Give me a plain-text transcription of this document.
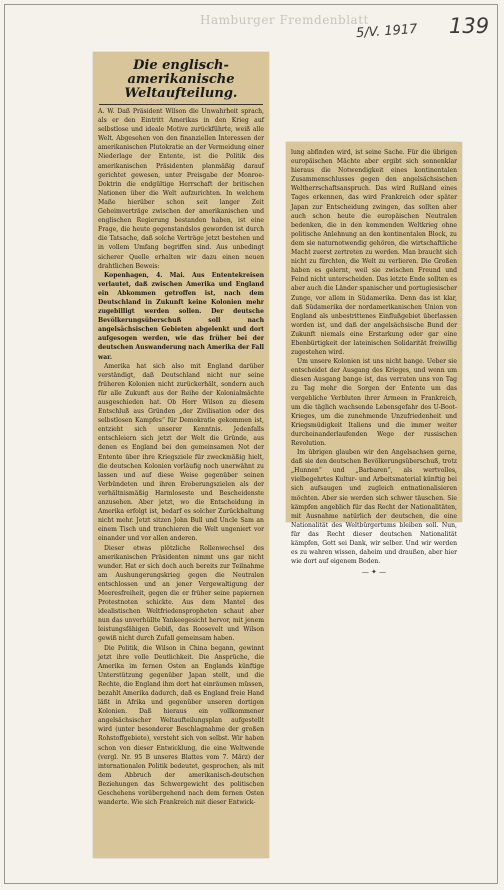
Hamburger Fremdenblatt
5/V. 1917 139
Die englisch-amerikanische Weltaufteilung.

A. W. Daß Präsident Wilson die Unwahrheit sprach, als er den Eintritt Amerikas in den Krieg auf selbstlose und ideale Motive zurückführte, weiß alle Welt. Abgesehen von den finanziellen Interessen der amerikanischen Plutokratie an der Vermeidung einer Niederlage der Entente, ist die Politik des amerikanischen Präsidenten planmäßig darauf gerichtet gewesen, unter Preisgabe der Monroe-Doktrin die endgültige Herrschaft der britischen Nationen über die Welt aufzurichten. In welchem Maße hierüber schon seit langer Zeit Geheimverträge zwischen der amerikanischen und englischen Regierung bestanden haben, ist eine Frage, die heute gegenstandslos geworden ist durch die Tatsache, daß solche Verträge jetzt bestehen und in vollem Umfang begriffen sind. Aus unbedingt sicherer Quelle erhalten wir dazu einen neuen drahtlichen Beweis:

Kopenhagen, 4. Mai. Aus Ententekreisen verlautet, daß zwischen Amerika und England ein Abkommen getroffen ist, nach dem Deutschland in Zukunft keine Kolonien mehr zugebilligt werden sollen. Der deutsche Bevölkerungsüberschuß soll nach angelsächsischen Gebieten abgelenkt und dort aufgesogen werden, wie das früher bei der deutschen Auswanderung nach Amerika der Fall war.

Amerika hat sich also mit England darüber verständigt, daß Deutschland nicht nur seine früheren Kolonien nicht zurückerhält, sondern auch für alle Zukunft aus der Reihe der Kolonialmächte ausgeschieden hat. Ob Herr Wilson zu diesem Entschluß aus Gründen „der Zivilisation oder des selbstlosen Kampfes“ für Demokratie gekommen ist, entzieht sich unserer Kenntnis. Jedenfalls entschleiern sich jetzt der Welt die Gründe, aus denen es England bei den gemeinsamen Not der Entente über ihre Kriegsziele für zweckmäßig hielt, die deutschen Kolonien vorläufig noch unerwähnt zu lassen und auf diese Weise gegenüber seinen Verbündeten und ihren Eroberungszielen als der verhältnismäßig Harmloseste und Bescheidenste anzusehen. Aber jetzt, wo die Entscheidung in Amerika erfolgt ist, bedarf es solcher Zurückhaltung nicht mehr. Jetzt sitzen John Bull und Uncle Sam an einem Tisch und tranchieren die Welt ungeniert vor einander und vor allen anderen.

Dieser etwas plötzliche Rollenwechsel des amerikanischen Präsidenten nimmt uns gar nicht wunder. Hat er sich doch auch bereits zur Teilnahme am Aushungerungskrieg gegen die Neutralen entschlossen und an jener Vergewaltigung der Meeresfreiheit, gegen die er früher seine papiernen Protestnoten schickte. Aus dem Mantel des idealistischen Weltfriedenspropheten schaut aber nun das unverhüllte Yankeegesicht hervor, mit jenem leistungsfähigen Gebiß, das Roosevelt und Wilson gewiß nicht durch Zufall gemeinsam haben.

Die Politik, die Wilson in China begann, gewinnt jetzt ihre volle Deutlichkeit. Die Ansprüche, die Amerika im fernen Osten an Englands künftige Unterstützung gegenüber Japan stellt, und die Rechte, die England ihm dort hat einräumen müssen, bezahlt Amerika dadurch, daß es England freie Hand läßt in Afrika und gegenüber unseren dortigen Kolonien. Daß hieraus ein vollkommener angelsächsischer Weltaufteilungsplan aufgestellt wird (unter besonderer Beschlagnahme der großen Rohstoffgebiete), versteht sich von selbst. Wir haben schon von dieser Entwicklung, die eine Weltwende (vergl. Nr. 95 B unseres Blattes vom 7. März) der internationalen Politik bedeutet, gesprochen, als mit dem Abbruch der amerikanisch-deutschen Beziehungen das Schwergewicht des politischen Geschehens vorübergehend nach dem fernen Osten wanderte. Wie sich Frankreich mit dieser Entwick-

lung abfinden wird, ist seine Sache. Für die übrigen europäischen Mächte aber ergibt sich sonnenklar hieraus die Notwendigkeit eines kontinentalen Zusammenschlusses gegen den angelsächsischen Weltherrschaftsanspruch. Das wird Rußland eines Tages erkennen, das wird Frankreich oder später Japan zur Entscheidung zwingen, das sollten aber auch schon heute die europäischen Neutralen bedenken, die in den kommenden Weltkrieg ohne politische Anlehnung an den kontinentalen Block, zu dem sie naturnotwendig gehören, die wirtschaftliche Macht zuerst zertreten zu werden. Man braucht sich nicht zu fürchten, die Welt zu verlieren. Die Großen haben es gelernt, weil sie zwischen Freund und Feind nicht unterscheiden. Das letzte Ende sollten es aber auch die Länder spanischer und portugiesischer Zunge, vor allem in Südamerika. Denn das ist klar, daß Südamerika der nordamerikanischen Union von England als unbestrittenes Einflußgebiet überlassen worden ist, und daß der angelsächsische Bund der Zukunft niemals eine Erstarkung oder gar eine Ebenbürtigkeit der lateinischen Solidarität freiwillig zugestehen wird.

Um unsere Kolonien ist uns nicht bange. Ueber sie entscheidet der Ausgang des Krieges, und wenn um diesen Ausgang bange ist, das verraten uns von Tag zu Tag mehr die Sorgen der Entente um das vergebliche Verbluten ihrer Armeen in Frankreich, um die täglich wachsende Lebensgefahr des U-Boot-Krieges, um die zunehmende Unzufriedenheit und Kriegsmüdigkeit Italiens und die immer weiter durcheinanderlaufenden Wege der russischen Revolution.

Im übrigen glauben wir den Angelsachsen gerne, daß sie den deutschen Bevölkerungsüberschuß, trotz „Hunnen“ und „Barbaren“, als wertvolles, vielbegehrtes Kultur- und Arbeitsmaterial künftig bei sich aufsaugen und zugleich entnationalisieren möchten. Aber sie werden sich schwer täuschen. Sie kämpfen angeblich für das Recht der Nationalitäten, mit Ausnahme natürlich der deutschen, die eine Nationalität des Weltbürgertums bleiben soll. Nun, für das Recht dieser deutschen Nationalität kämpfen, Gott sei Dank, wir selber. Und wir werden es zu wahren wissen, daheim und draußen, aber hier wie dort auf eigenem Boden.

— ✦ —
